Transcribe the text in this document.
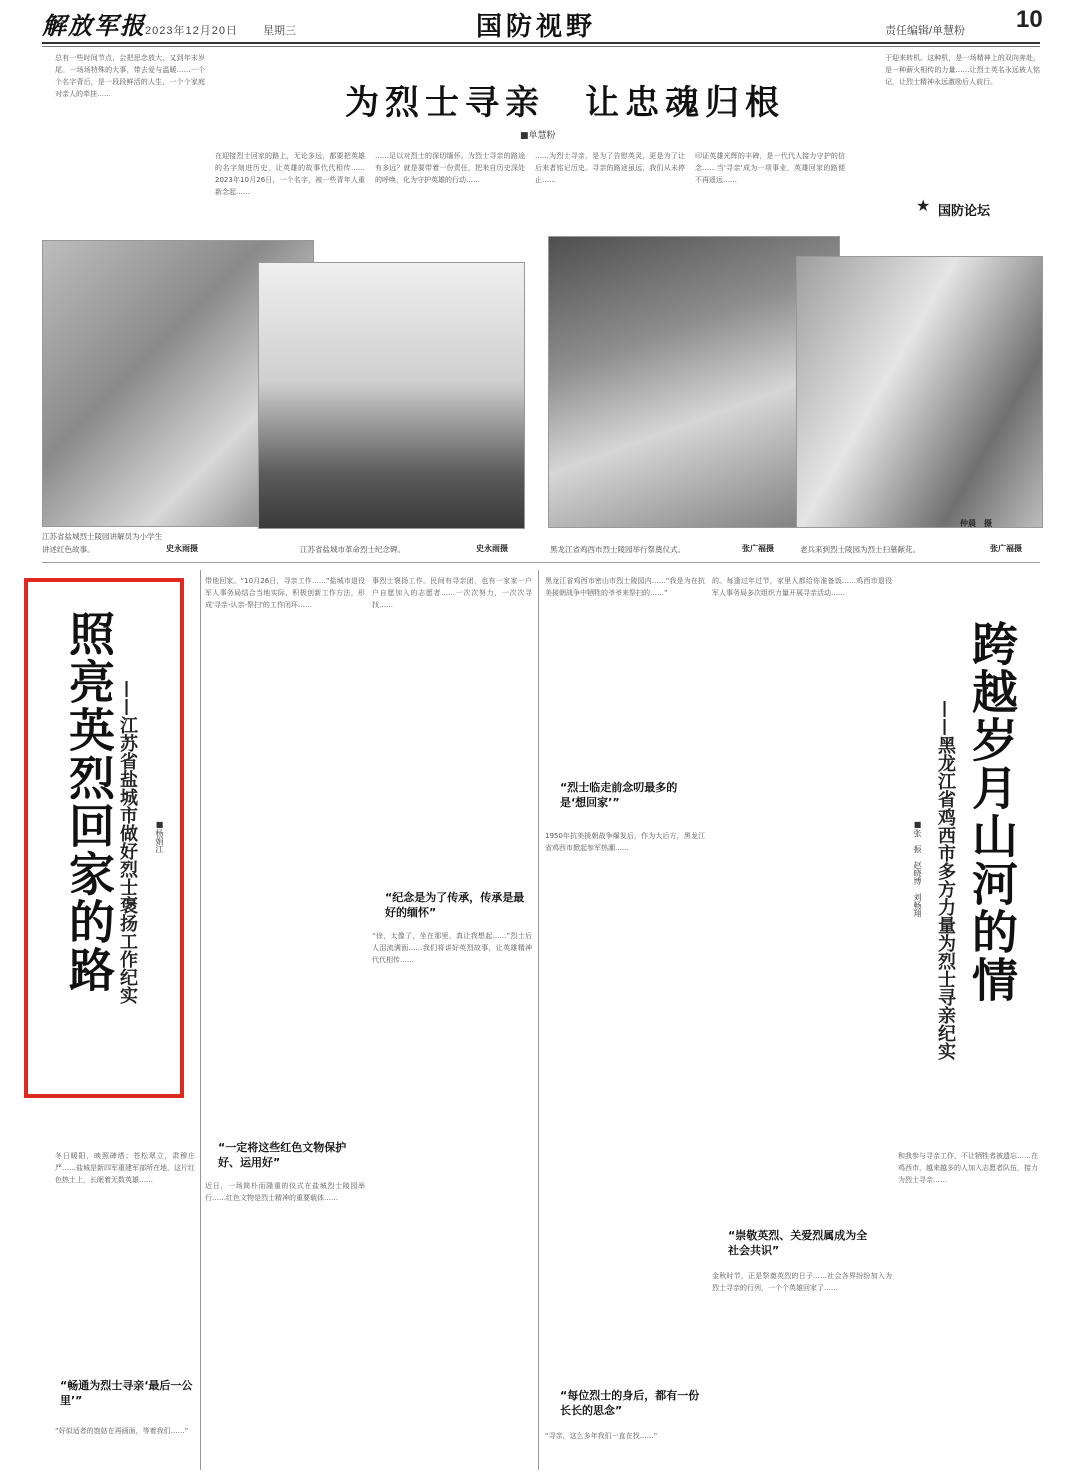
解放军报 2023年12月20日 星期三	国防视野	责任编辑/单慧粉 10
总有一些时间节点，会把思念放大、又到年末岁尾。一场场特殊的大事，带去爱与温暖……一个个名字背后，是一段段鲜活的人生、一个个家庭对亲人的牵挂……	为烈士寻亲　让忠魂归根
■单慧粉
在迎接烈士回家的路上，无论多远，都要把英雄的名字刻进历史，让英雄的故事代代相传……2023年10月26日，一个名字，被一些青年人重新念起……
……足以对烈士的深切缅怀。为烈士寻亲的路途有多远？就是要带着一份责任，把来自历史深处的呼唤，化为守护英雄的行动……
……为烈士寻亲，是为了告慰英灵，更是为了让后来者铭记历史。寻亲的路途虽远，我们从未停止……
印证英雄光辉的丰碑，是一代代人接力守护的信念……当'寻亲'成为一项事业，英雄回家的路便不再遥远……
于迎来转机。这种机，是一场精神上的双向奔赴，是一种薪火相传的力量……让烈士英名永远被人铭记，让烈士精神永远激励后人前行。
★ 国防论坛
仲晨　摄
江苏省盐城烈士陵园讲解员为小学生讲述红色故事。	史永雨摄	江苏省盐城市革命烈士纪念碑。	史永雨摄	黑龙江省鸡西市烈士陵园举行祭奠仪式。	张广福摄	老兵来到烈士陵园为烈士扫墓献花。	张广福摄
照亮英烈回家的路 ——江苏省盐城市做好烈士褒扬工作纪实 ■杨娟江
冬日暖阳，映照碑塔；苍松翠立，肃穆庄严……盐城是新四军重建军部所在地，这片红色热土上，长眠着无数英雄……
“畅通为烈士寻亲‘最后一公里’”
“好似适者的饱姑在再画面，等着我们……”
带他回家。“10月26日，寻亲工作……”盐城市退役军人事务局结合当地实际，积极创新工作方法，形成'寻亲-认亲-祭扫'的工作闭环……
“一定将这些红色文物保护好、运用好”
近日，一场简朴而隆重的仪式在盐城烈士陵园举行……红色文物是烈士精神的重要载体……
事烈士褒扬工作。民间有寻亲团，也有一家家一户户自愿加入的志愿者……一次次努力，一次次寻找……
“纪念是为了传承，传承是最好的缅怀”
“徐，太像了，坐在那里，真让我想起……”烈士后人泪流满面……我们将讲好英烈故事，让英雄精神代代相传……
黑龙江省鸡西市密山市烈士陵园内……“我是为在抗美援朝战争中牺牲的爷爷来祭扫的……”
“烈士临走前念叨最多的是‘想回家’”
1950年抗美援朝战争爆发后，作为大后方，黑龙江省鸡西市掀起参军热潮……
“每位烈士的身后，都有一份长长的思念”
“寻亲，这么多年我们一直在找……”
的。每逢过年过节，家里人都给你准备饭……鸡西市退役军人事务局多次组织力量开展寻亲活动……
“崇敬英烈、关爱烈属成为全社会共识”
金秋时节，正是祭奠英烈的日子……社会各界纷纷加入为烈士寻亲的行列，一个个英雄回家了……
跨越岁月山河的情
——黑龙江省鸡西市多方力量为烈士寻亲纪实
■张　振　赵晓博　刘畅翔
和我参与寻亲工作，不让牺牲者被遗忘……在鸡西市，越来越多的人加入志愿者队伍，接力为烈士寻亲……
